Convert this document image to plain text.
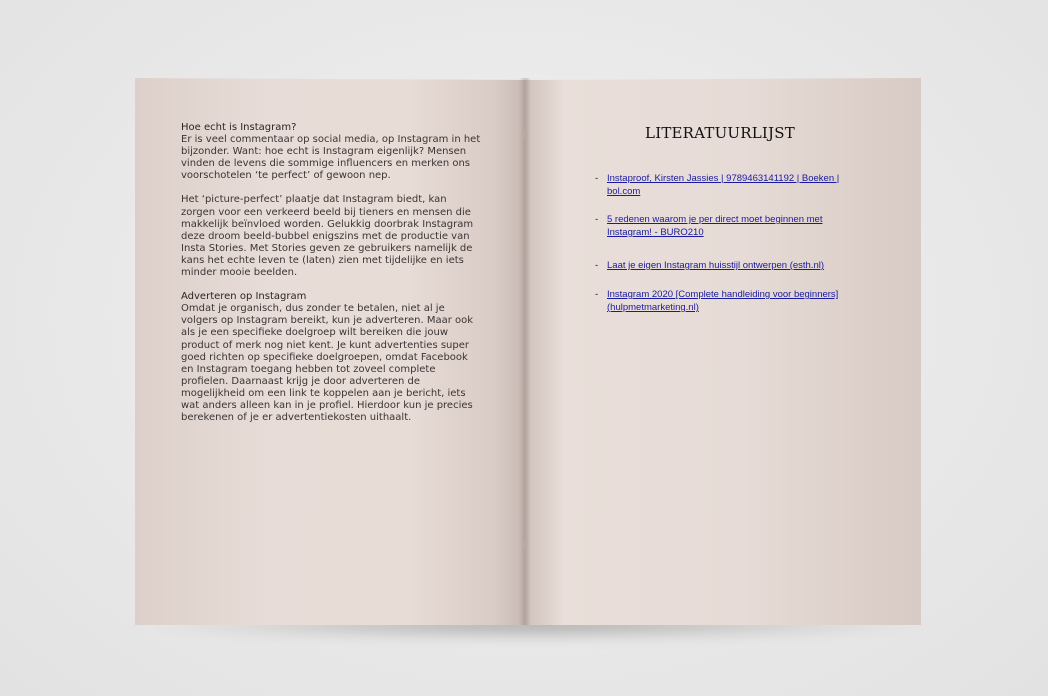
Hoe echt is Instagram?
Er is veel commentaar op social media, op Instagram in het bijzonder. Want: hoe echt is Instagram eigenlijk? Mensen vinden de levens die sommige influencers en merken ons voorschotelen ‘te perfect’ of gewoon nep.

Het ‘picture-perfect’ plaatje dat Instagram biedt, kan zorgen voor een verkeerd beeld bij tieners en mensen die makkelijk beïnvloed worden. Gelukkig doorbrak Instagram deze droom beeld-bubbel enigszins met de productie van Insta Stories. Met Stories geven ze gebruikers namelijk de kans het echte leven te (laten) zien met tijdelijke en iets minder mooie beelden.

Adverteren op Instagram
Omdat je organisch, dus zonder te betalen, niet al je volgers op Instagram bereikt, kun je adverteren. Maar ook als je een specifieke doelgroep wilt bereiken die jouw product of merk nog niet kent. Je kunt advertenties super goed richten op specifieke doelgroepen, omdat Facebook en Instagram toegang hebben tot zoveel complete profielen. Daarnaast krijg je door adverteren de mogelijkheid om een link te koppelen aan je bericht, iets wat anders alleen kan in je profiel. Hierdoor kun je precies berekenen of je er advertentiekosten uithaalt.

LITERATUURLIJST
- Instaproof, Kirsten Jassies | 9789463141192 | Boeken | bol.com
- 5 redenen waarom je per direct moet beginnen met Instagram! - BURO210
- Laat je eigen Instagram huisstijl ontwerpen (esth.nl)
- Instagram 2020 [Complete handleiding voor beginners] (hulpmetmarketing.nl)
